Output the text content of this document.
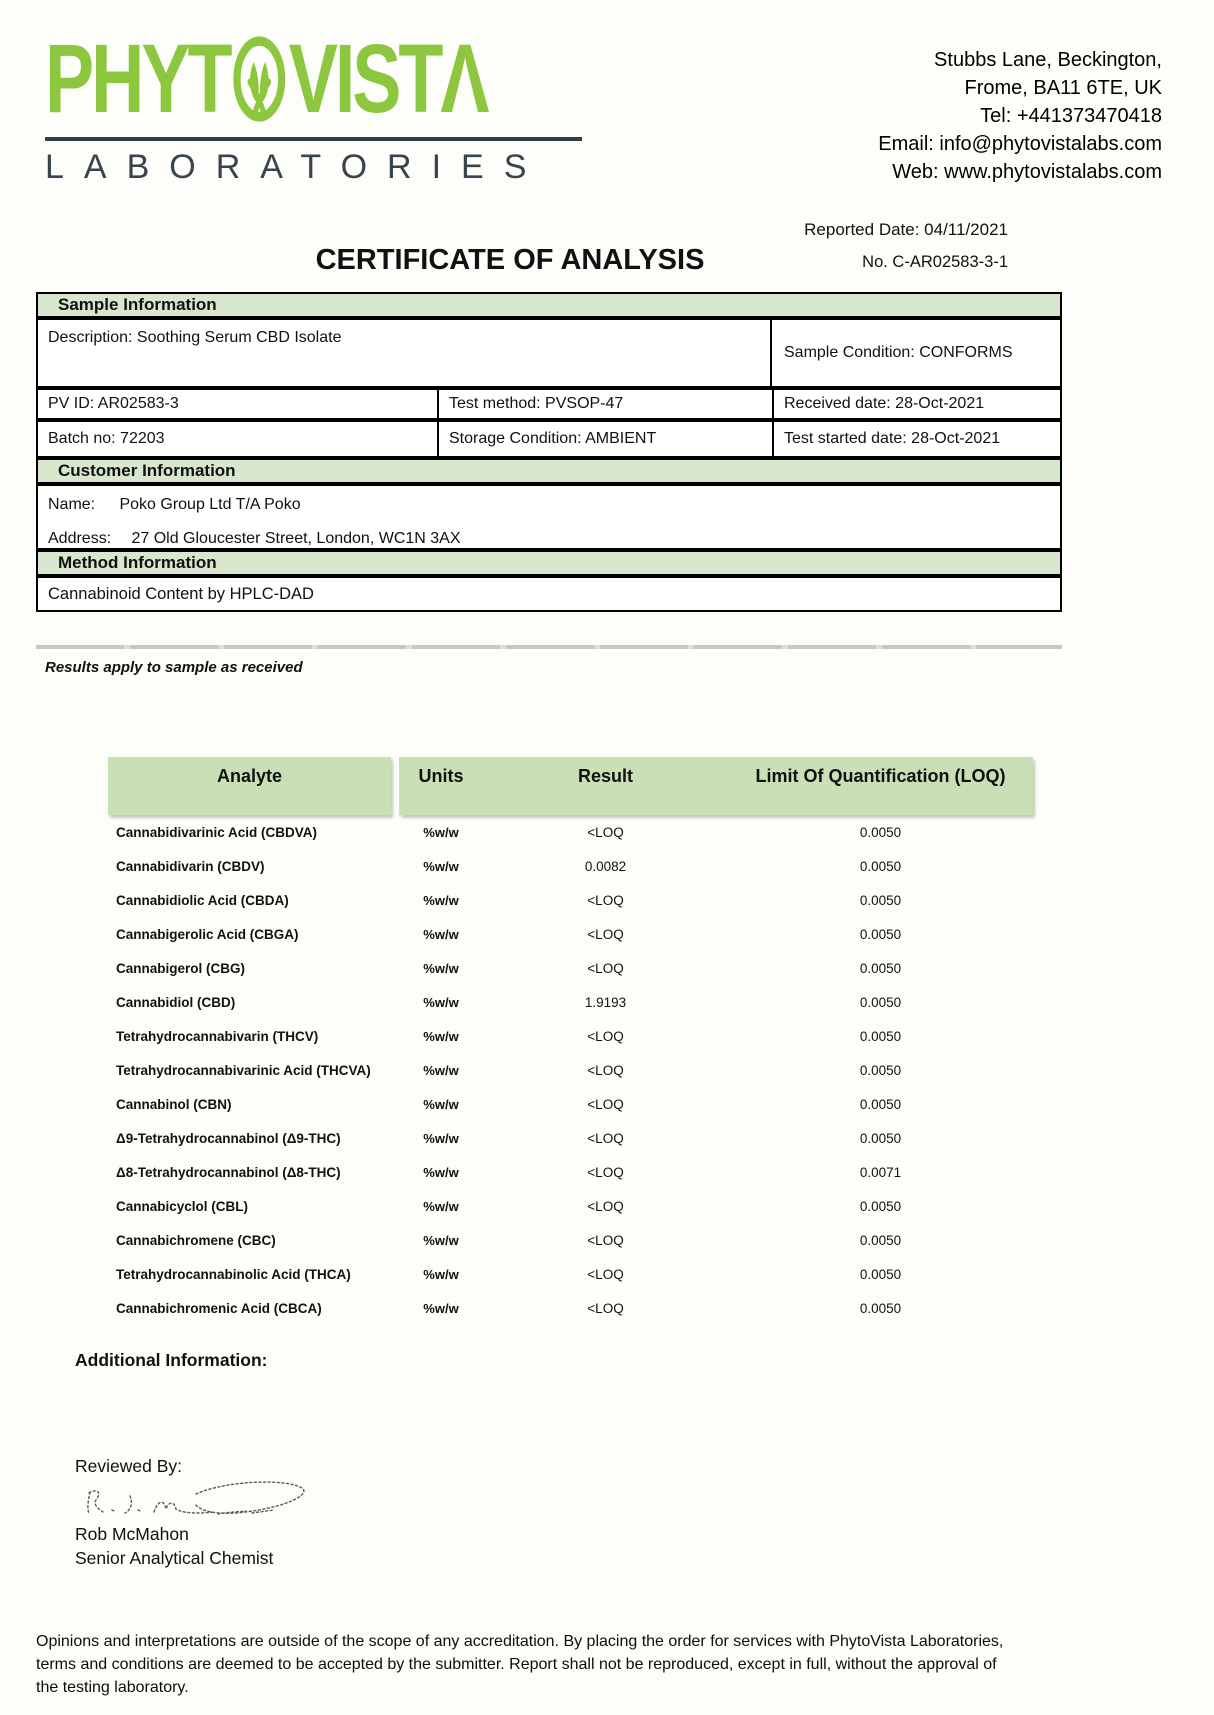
PHYT VISTΛ
LABORATORIES
Stubbs Lane, Beckington,
Frome, BA11 6TE, UK
Tel: +441373470418
Email: info@phytovistalabs.com
Web: www.phytovistalabs.com
Reported Date: 04/11/2021
CERTIFICATE OF ANALYSIS	No. C-AR02583-3-1
Sample Information
Description: Soothing Serum CBD Isolate
Sample Condition: CONFORMS
PV ID: AR02583-3	Test method: PVSOP-47	Received date: 28-Oct-2021
Batch no: 72203	Storage Condition: AMBIENT	Test started date: 28-Oct-2021
Customer Information
Name: Poko Group Ltd T/A Poko
Address: 27 Old Gloucester Street, London, WC1N 3AX
Method Information
Cannabinoid Content by HPLC-DAD
Results apply to sample as received
Analyte	Units	Result	Limit Of Quantification (LOQ)
Cannabidivarinic Acid (CBDVA)	%w/w	<LOQ	0.0050
Cannabidivarin (CBDV)	%w/w	0.0082	0.0050
Cannabidiolic Acid (CBDA)	%w/w	<LOQ	0.0050
Cannabigerolic Acid (CBGA)	%w/w	<LOQ	0.0050
Cannabigerol (CBG)	%w/w	<LOQ	0.0050
Cannabidiol (CBD)	%w/w	1.9193	0.0050
Tetrahydrocannabivarin (THCV)	%w/w	<LOQ	0.0050
Tetrahydrocannabivarinic Acid (THCVA)	%w/w	<LOQ	0.0050
Cannabinol (CBN)	%w/w	<LOQ	0.0050
Δ9-Tetrahydrocannabinol (Δ9-THC)	%w/w	<LOQ	0.0050
Δ8-Tetrahydrocannabinol (Δ8-THC)	%w/w	<LOQ	0.0071
Cannabicyclol (CBL)	%w/w	<LOQ	0.0050
Cannabichromene (CBC)	%w/w	<LOQ	0.0050
Tetrahydrocannabinolic Acid (THCA)	%w/w	<LOQ	0.0050
Cannabichromenic Acid (CBCA)	%w/w	<LOQ	0.0050
Additional Information:
Reviewed By:
Rob McMahon
Senior Analytical Chemist
Opinions and interpretations are outside of the scope of any accreditation. By placing the order for services with PhytoVista Laboratories,
terms and conditions are deemed to be accepted by the submitter. Report shall not be reproduced, except in full, without the approval of
the testing laboratory.
